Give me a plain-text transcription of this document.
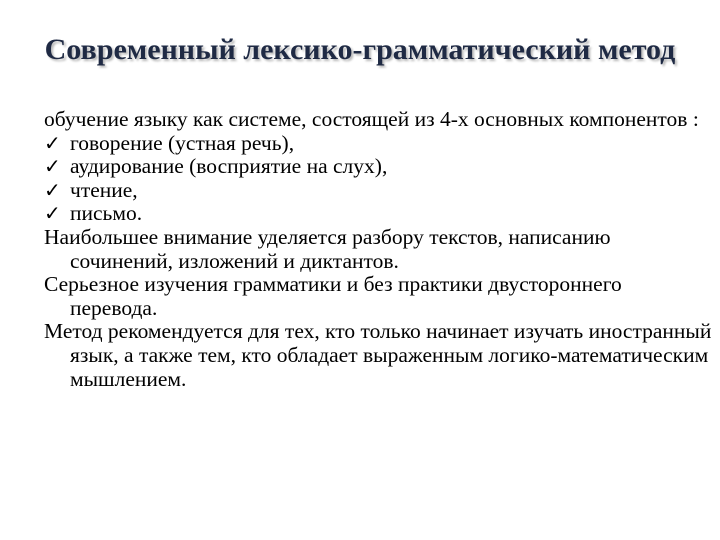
Современный лексико-грамматический метод

обучение языку как системе, состоящей из 4-х основных компонентов :

✓ говорение (устная речь),
✓ аудирование (восприятие на слух),
✓ чтение,
✓ письмо.

Наибольшее внимание уделяется разбору текстов, написанию сочинений, изложений и диктантов.

Серьезное изучения грамматики и без практики двустороннего перевода.

Метод рекомендуется для тех, кто только начинает изучать иностранный язык, а также тем, кто обладает выраженным логико-математическим мышлением.
